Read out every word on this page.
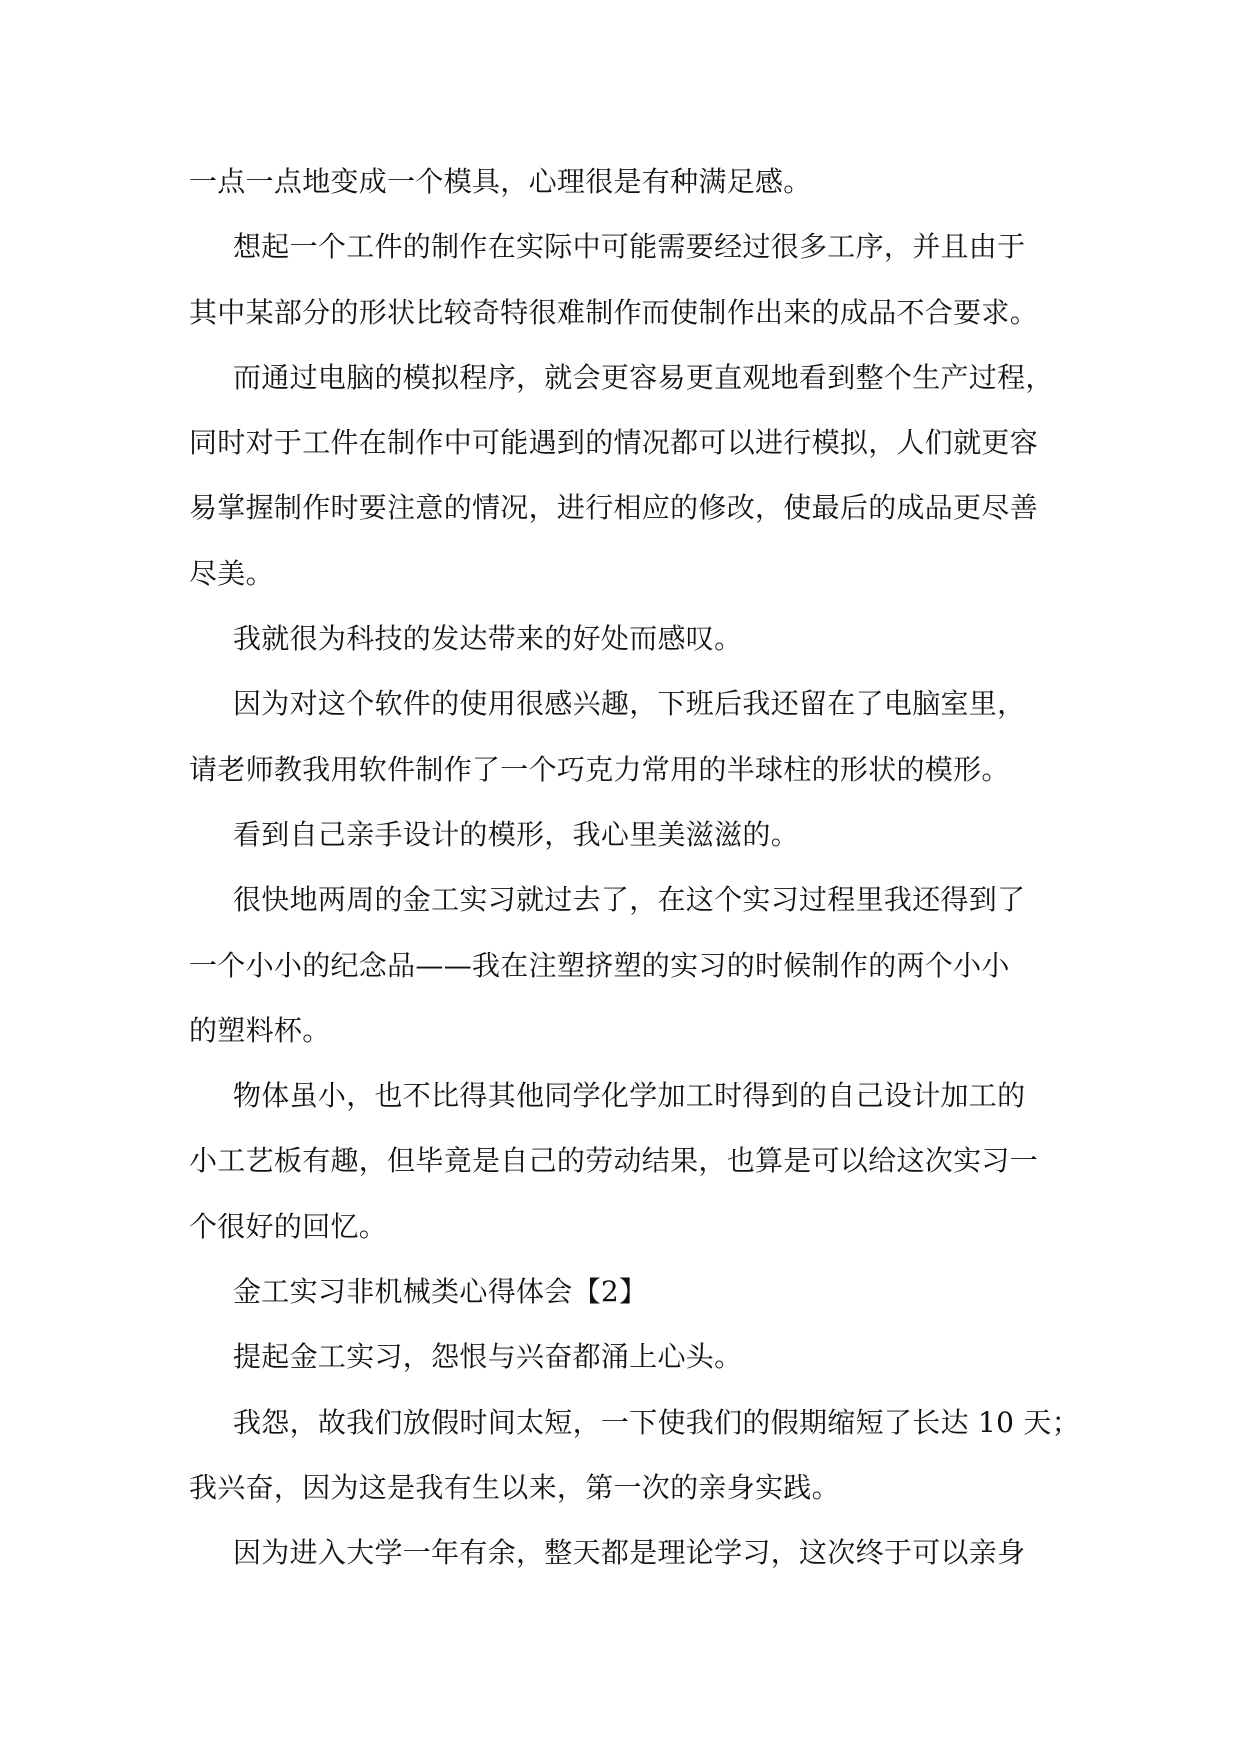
一点一点地变成一个模具，心理很是有种满足感。

想起一个工件的制作在实际中可能需要经过很多工序，并且由于
其中某部分的形状比较奇特很难制作而使制作出来的成品不合要求。

而通过电脑的模拟程序，就会更容易更直观地看到整个生产过程，
同时对于工件在制作中可能遇到的情况都可以进行模拟，人们就更容
易掌握制作时要注意的情况，进行相应的修改，使最后的成品更尽善
尽美。

我就很为科技的发达带来的好处而感叹。

因为对这个软件的使用很感兴趣，下班后我还留在了电脑室里，
请老师教我用软件制作了一个巧克力常用的半球柱的形状的模形。

看到自己亲手设计的模形，我心里美滋滋的。

很快地两周的金工实习就过去了，在这个实习过程里我还得到了
一个小小的纪念品——我在注塑挤塑的实习的时候制作的两个小小
的塑料杯。

物体虽小，也不比得其他同学化学加工时得到的自己设计加工的
小工艺板有趣，但毕竟是自己的劳动结果，也算是可以给这次实习一
个很好的回忆。

金工实习非机械类心得体会【2】

提起金工实习，怨恨与兴奋都涌上心头。

我怨，故我们放假时间太短，一下使我们的假期缩短了长达 10 天；
我兴奋，因为这是我有生以来，第一次的亲身实践。

因为进入大学一年有余，整天都是理论学习，这次终于可以亲身
